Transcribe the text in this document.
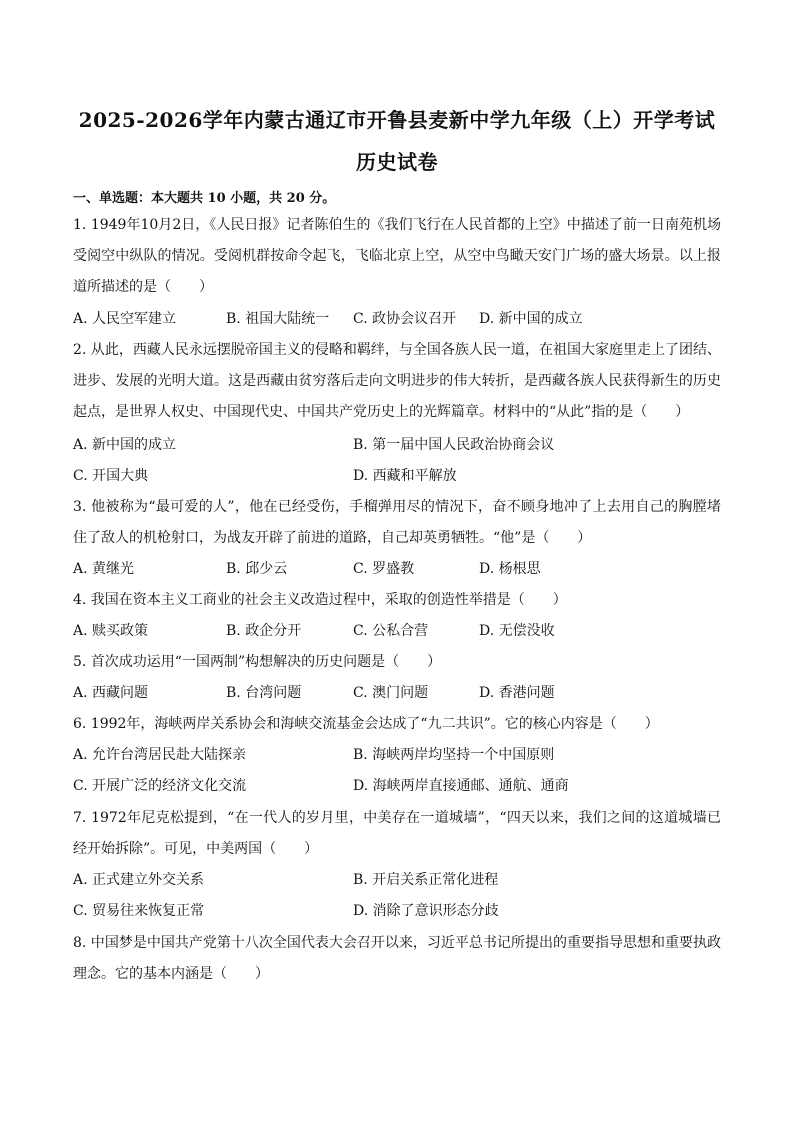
2025-2026学年内蒙古通辽市开鲁县麦新中学九年级（上）开学考试
历史试卷
一、单选题：本大题共 10 小题，共 20 分。
1. 1949年10月2日，《人民日报》记者陈伯生的《我们飞行在人民首都的上空》中描述了前一日南苑机场受阅空中纵队的情况。受阅机群按命令起飞，飞临北京上空，从空中鸟瞰天安门广场的盛大场景。以上报道所描述的是（　　）
A. 人民空军建立	B. 祖国大陆统一 C. 政协会议召开 D. 新中国的成立
2. 从此，西藏人民永远摆脱帝国主义的侵略和羁绊，与全国各族人民一道，在祖国大家庭里走上了团结、进步、发展的光明大道。这是西藏由贫穷落后走向文明进步的伟大转折，是西藏各族人民获得新生的历史起点，是世界人权史、中国现代史、中国共产党历史上的光辉篇章。材料中的“从此”指的是（　　）
A. 新中国的成立	B. 第一届中国人民政治协商会议
C. 开国大典	D. 西藏和平解放
3. 他被称为“最可爱的人”，他在已经受伤，手榴弹用尽的情况下，奋不顾身地冲了上去用自己的胸膛堵住了敌人的机枪射口，为战友开辟了前进的道路，自己却英勇牺牲。“他”是（　　）
A. 黄继光	B. 邱少云	C. 罗盛教	D. 杨根思
4. 我国在资本主义工商业的社会主义改造过程中，采取的创造性举措是（　　）
A. 赎买政策	B. 政企分开	C. 公私合营	D. 无偿没收
5. 首次成功运用“一国两制”构想解决的历史问题是（　　）
A. 西藏问题	B. 台湾问题	C. 澳门问题	D. 香港问题
6. 1992年，海峡两岸关系协会和海峡交流基金会达成了“九二共识”。它的核心内容是（　　）
A. 允许台湾居民赴大陆探亲	B. 海峡两岸均坚持一个中国原则
C. 开展广泛的经济文化交流	D. 海峡两岸直接通邮、通航、通商
7. 1972年尼克松提到，“在一代人的岁月里，中美存在一道城墙”，“四天以来，我们之间的这道城墙已经开始拆除”。可见，中美两国（　　）
A. 正式建立外交关系	B. 开启关系正常化进程
C. 贸易往来恢复正常	D. 消除了意识形态分歧
8. 中国梦是中国共产党第十八次全国代表大会召开以来，习近平总书记所提出的重要指导思想和重要执政理念。它的基本内涵是（　　）
